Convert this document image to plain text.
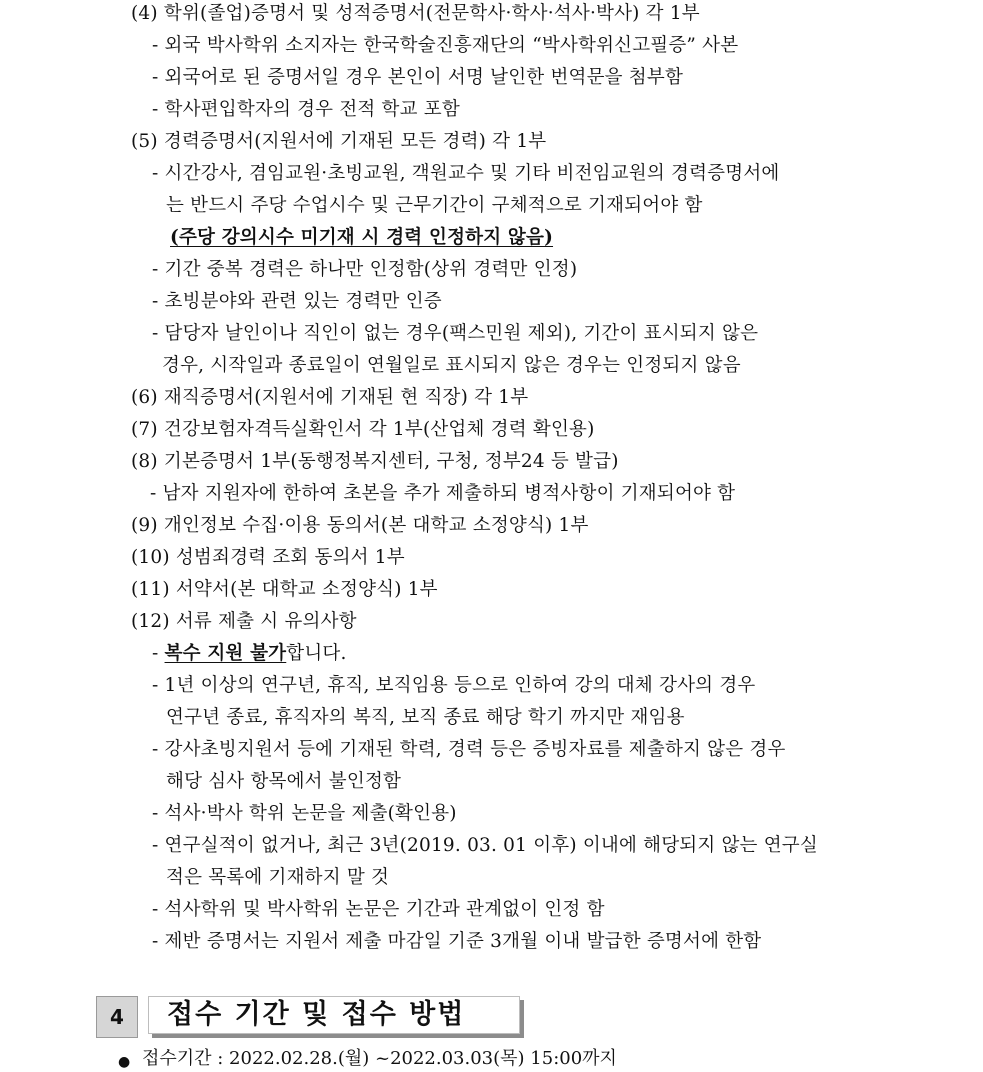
(4) 학위(졸업)증명서 및 성적증명서(전문학사·학사·석사·박사) 각 1부
- 외국 박사학위 소지자는 한국학술진흥재단의 “박사학위신고필증” 사본
- 외국어로 된 증명서일 경우 본인이 서명 날인한 번역문을 첨부함
- 학사편입학자의 경우 전적 학교 포함
(5) 경력증명서(지원서에 기재된 모든 경력) 각 1부
- 시간강사, 겸임교원·초빙교원, 객원교수 및 기타 비전임교원의 경력증명서에
는 반드시 주당 수업시수 및 근무기간이 구체적으로 기재되어야 함
(주당 강의시수 미기재 시 경력 인정하지 않음)
- 기간 중복 경력은 하나만 인정함(상위 경력만 인정)
- 초빙분야와 관련 있는 경력만 인증
- 담당자 날인이나 직인이 없는 경우(팩스민원 제외), 기간이 표시되지 않은
경우, 시작일과 종료일이 연월일로 표시되지 않은 경우는 인정되지 않음
(6) 재직증명서(지원서에 기재된 현 직장) 각 1부
(7) 건강보험자격득실확인서 각 1부(산업체 경력 확인용)
(8) 기본증명서 1부(동행정복지센터, 구청, 정부24 등 발급)
- 남자 지원자에 한하여 초본을 추가 제출하되 병적사항이 기재되어야 함
(9) 개인정보 수집·이용 동의서(본 대학교 소정양식) 1부
(10) 성범죄경력 조회 동의서 1부
(11) 서약서(본 대학교 소정양식) 1부
(12) 서류 제출 시 유의사항
- 복수 지원 불가합니다.
- 1년 이상의 연구년, 휴직, 보직임용 등으로 인하여 강의 대체 강사의 경우
연구년 종료, 휴직자의 복직, 보직 종료 해당 학기 까지만 재임용
- 강사초빙지원서 등에 기재된 학력, 경력 등은 증빙자료를 제출하지 않은 경우
해당 심사 항목에서 불인정함
- 석사·박사 학위 논문을 제출(확인용)
- 연구실적이 없거나, 최근 3년(2019. 03. 01 이후) 이내에 해당되지 않는 연구실
적은 목록에 기재하지 말 것
- 석사학위 및 박사학위 논문은 기간과 관계없이 인정 함
- 제반 증명서는 지원서 제출 마감일 기준 3개월 이내 발급한 증명서에 한함
4	접수 기간 및 접수 방법
● 접수기간 : 2022.02.28.(월) ~2022.03.03(목) 15:00까지
